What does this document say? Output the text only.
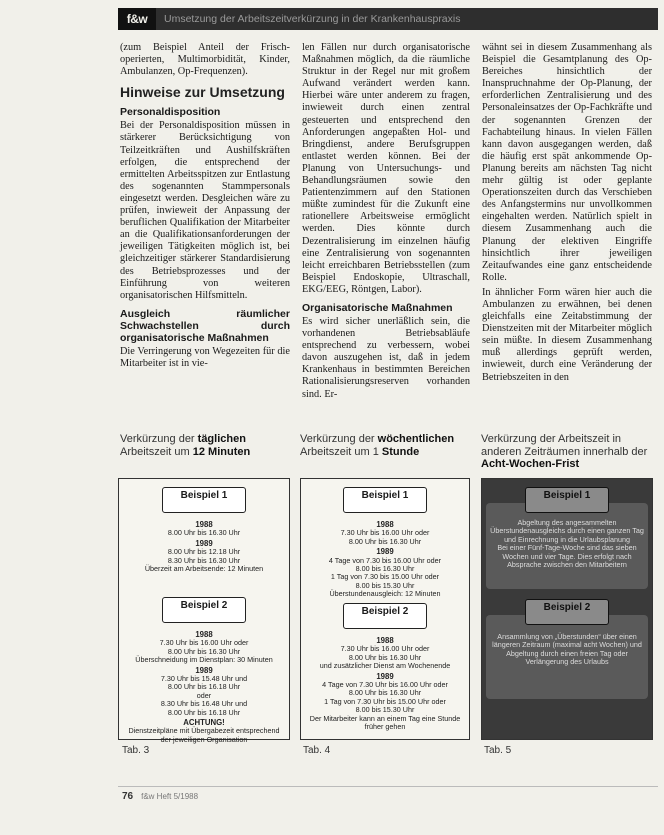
f&w	Umsetzung der Arbeitszeitverkürzung in der Krankenhauspraxis

(zum Beispiel Anteil der Frisch-operierten, Multimorbidität, Kinder, Ambulanzen, Op-Frequenzen).

Hinweise zur Umsetzung
Personaldisposition

Bei der Personaldisposition müssen in stärkerer Berücksichtigung von Teilzeitkräften und Aushilfskräften erfolgen, die entsprechend der ermittelten Arbeitsspitzen zur Entlastung des sogenannten Stammpersonals eingesetzt werden. Desgleichen wäre zu prüfen, inwieweit der Anpassung der beruflichen Qualifikation der Mitarbeiter an die Qualifikationsanforderungen der jeweiligen Tätigkeiten möglich ist, bei gleichzeitiger stärkerer Standardisierung des Betriebsprozesses und der Einführung von weiteren organisatorischen Hilfsmitteln.

Ausgleich räumlicher Schwachstellen durch organisatorische Maßnahmen

Die Verringerung von Wegezeiten für die Mitarbeiter ist in vie-

len Fällen nur durch organisatorische Maßnahmen möglich, da die räumliche Struktur in der Regel nur mit großem Aufwand verändert werden kann. Hierbei wäre unter anderem zu fragen, inwieweit durch einen zentral gesteuerten und entsprechend den Anforderungen angepaßten Hol- und Bringdienst, andere Berufsgruppen entlastet werden können. Bei der Planung von Untersuchungs- und Behandlungsräumen sowie den Patientenzimmern auf den Stationen müßte zumindest für die Zukunft eine rationellere Arbeitsweise ermöglicht werden. Dies könnte durch Dezentralisierung im einzelnen häufig eine Zentralisierung von sogenannten leicht erreichbaren Betriebsstellen (zum Beispiel Endoskopie, Ultraschall, EKG/EEG, Röntgen, Labor).

Organisatorische Maßnahmen

Es wird sicher unerläßlich sein, die vorhandenen Betriebsabläufe entsprechend zu verbessern, wobei davon auszugehen ist, daß in jedem Krankenhaus in bestimmten Bereichen Rationalisierungsreserven vorhanden sind. Er-

wähnt sei in diesem Zusammenhang als Beispiel die Gesamtplanung des Op-Bereiches hinsichtlich der Inanspruchnahme der Op-Planung, der erforderlichen Zentralisierung und des Personaleinsatzes der Op-Fachkräfte und der sogenannten Grenzen der Fachabteilung hinaus. In vielen Fällen kann davon ausgegangen werden, daß die häufig erst spät ankommende Op-Planung bereits am nächsten Tag nicht mehr gültig ist oder geplante Operationszeiten durch das Verschieben des Anfangstermins nur unvollkommen eingehalten werden. Natürlich spielt in diesem Zusammenhang auch die Planung der elektiven Eingriffe hinsichtlich ihrer jeweiligen Zeitaufwandes eine ganz entscheidende Rolle.

In ähnlicher Form wären hier auch die Ambulanzen zu erwähnen, bei denen gleichfalls eine Zeitabstimmung der Dienstzeiten mit der Mitarbeiter möglich sein müßte. In diesem Zusammenhang muß allerdings geprüft werden, inwieweit, durch eine Veränderung der Betriebszeiten in den

Verkürzung der täglichen Arbeitszeit um 12 Minuten
Beispiel 1
1988
8.00 Uhr bis 16.30 Uhr
1989
8.00 Uhr bis 12.18 Uhr
8.30 Uhr bis 16.30 Uhr
Überzeit am Arbeitsende: 12 Minuten
Beispiel 2
1988
7.30 Uhr bis 16.00 Uhr oder
8.00 Uhr bis 16.30 Uhr
Überschneidung im Dienstplan: 30 Minuten
1989
7.30 Uhr bis 15.48 Uhr und
8.00 Uhr bis 16.18 Uhr
oder
8.30 Uhr bis 16.48 Uhr und
8.00 Uhr bis 16.18 Uhr
ACHTUNG!
Dienstzeitpläne mit Übergabezeit entsprechend der jeweiligen Organisation
Tab. 3
Verkürzung der wöchentlichen Arbeitszeit um 1 Stunde
Beispiel 1
1988
7.30 Uhr bis 16.00 Uhr oder
8.00 Uhr bis 16.30 Uhr
1989
4 Tage von 7.30 bis 16.00 Uhr oder
8.00 bis 16.30 Uhr
1 Tag von 7.30 bis 15.00 Uhr oder
8.00 bis 15.30 Uhr
Überstundenausgleich: 12 Minuten
Beispiel 2
1988
7.30 Uhr bis 16.00 Uhr oder
8.00 Uhr bis 16.30 Uhr
und zusätzlicher Dienst am Wochenende
1989
4 Tage von 7.30 Uhr bis 16.00 Uhr oder
8.00 Uhr bis 16.30 Uhr
1 Tag von 7.30 Uhr bis 15.00 Uhr oder
8.00 bis 15.30 Uhr
Der Mitarbeiter kann an einem Tag eine Stunde früher gehen
Tab. 4
Verkürzung der Arbeitszeit in anderen Zeiträumen innerhalb der Acht-Wochen-Frist
Beispiel 1
Abgeltung des angesammelten Überstundenausgleichs durch einen ganzen Tag und Einrechnung in die Urlaubsplanung
Bei einer Fünf-Tage-Woche sind das sieben Wochen und vier Tage. Dies erfolgt nach Absprache zwischen den Mitarbeitern
Beispiel 2
Ansammlung von „Überstunden“ über einen längeren Zeitraum (maximal acht Wochen) und Abgeltung durch einen freien Tag oder Verlängerung des Urlaubs
Tab. 5
76 f&w Heft 5/1988
